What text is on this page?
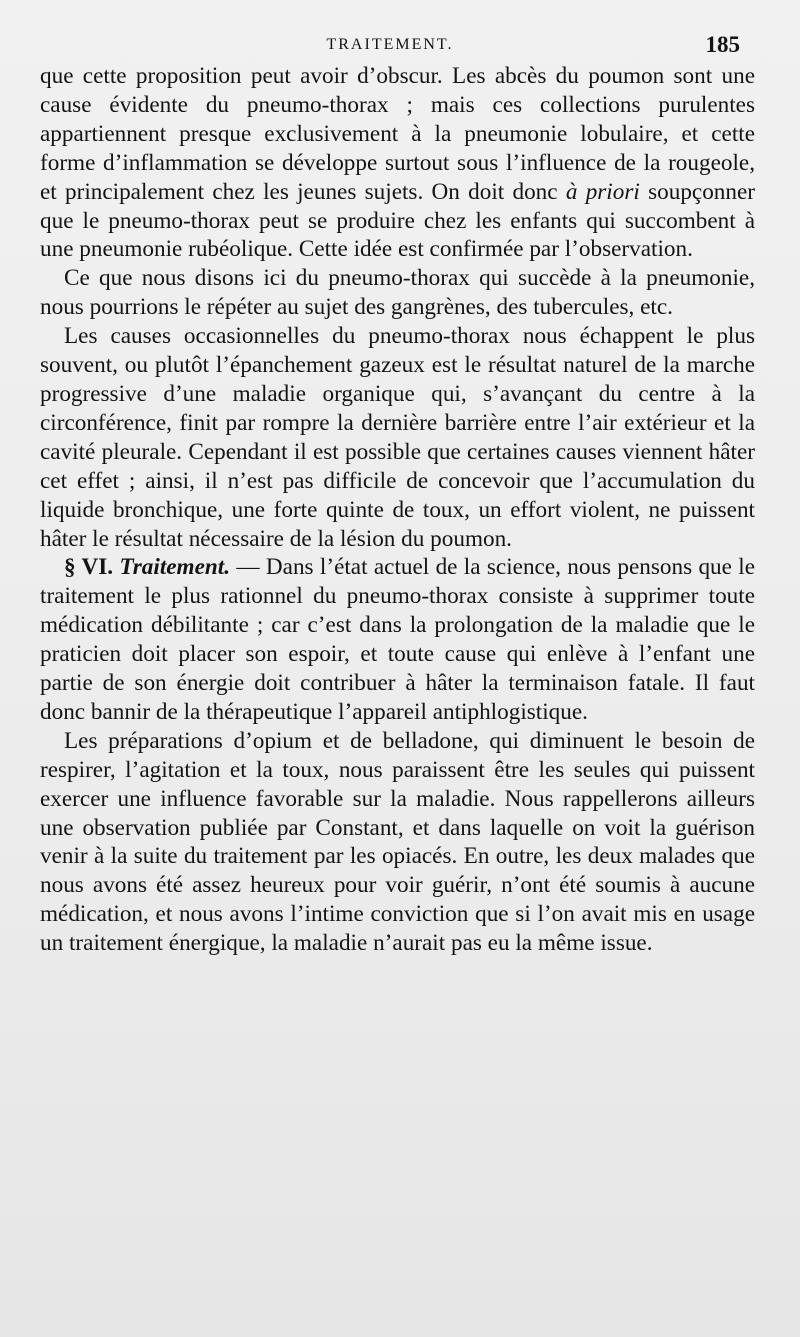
TRAITEMENT.	185

que cette proposition peut avoir d’obscur. Les abcès du poumon sont une cause évidente du pneumo-thorax ; mais ces collections purulentes appartiennent presque exclusivement à la pneumonie lobulaire, et cette forme d’inflammation se développe surtout sous l’influence de la rougeole, et principalement chez les jeunes sujets. On doit donc à priori soupçonner que le pneumo-thorax peut se produire chez les enfants qui succombent à une pneumonie rubéolique. Cette idée est confirmée par l’observation.

Ce que nous disons ici du pneumo-thorax qui succède à la pneumonie, nous pourrions le répéter au sujet des gangrènes, des tubercules, etc.

Les causes occasionnelles du pneumo-thorax nous échappent le plus souvent, ou plutôt l’épanchement gazeux est le résultat naturel de la marche progressive d’une maladie organique qui, s’avançant du centre à la circonférence, finit par rompre la dernière barrière entre l’air extérieur et la cavité pleurale. Cependant il est possible que certaines causes viennent hâter cet effet ; ainsi, il n’est pas difficile de concevoir que l’accumulation du liquide bronchique, une forte quinte de toux, un effort violent, ne puissent hâter le résultat nécessaire de la lésion du poumon.

§ VI. Traitement. — Dans l’état actuel de la science, nous pensons que le traitement le plus rationnel du pneumo-thorax consiste à supprimer toute médication débilitante ; car c’est dans la prolongation de la maladie que le praticien doit placer son espoir, et toute cause qui enlève à l’enfant une partie de son énergie doit contribuer à hâter la terminaison fatale. Il faut donc bannir de la thérapeutique l’appareil antiphlogistique.

Les préparations d’opium et de belladone, qui diminuent le besoin de respirer, l’agitation et la toux, nous paraissent être les seules qui puissent exercer une influence favorable sur la maladie. Nous rappellerons ailleurs une observation publiée par Constant, et dans laquelle on voit la guérison venir à la suite du traitement par les opiacés. En outre, les deux malades que nous avons été assez heureux pour voir guérir, n’ont été soumis à aucune médication, et nous avons l’intime conviction que si l’on avait mis en usage un traitement énergique, la maladie n’aurait pas eu la même issue.
